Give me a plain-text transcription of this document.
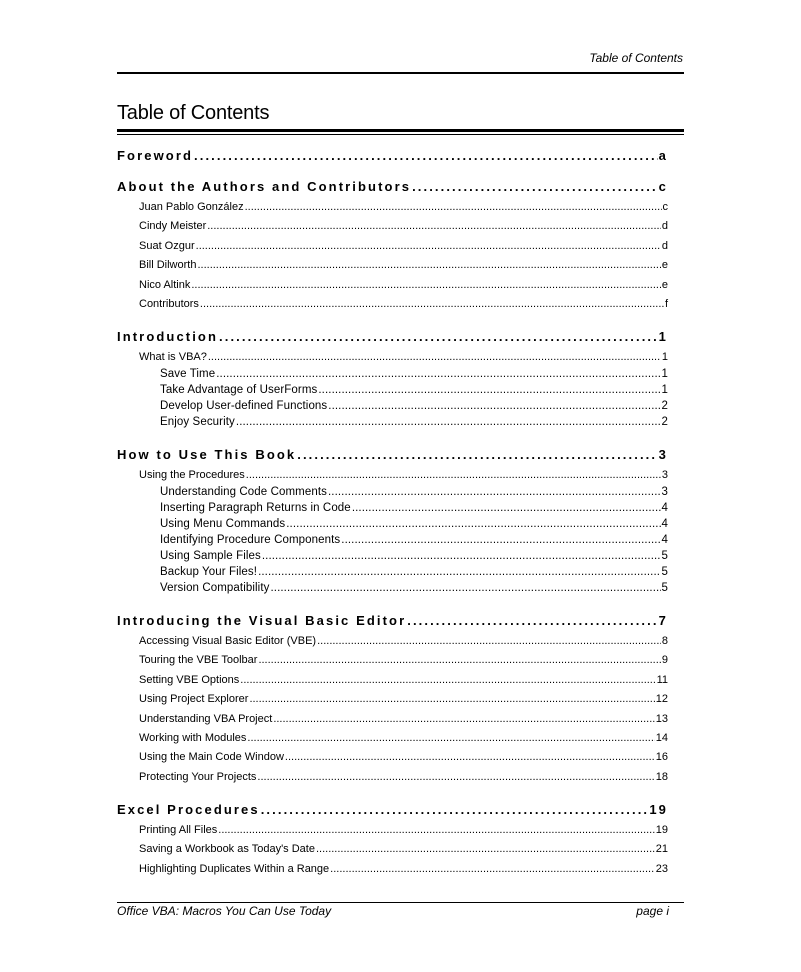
Table of Contents
Table of Contents
Foreword .....	a
About the Authors and Contributors .....	c
Juan Pablo González .....	c
Cindy Meister .....	d
Suat Ozgur .....	d
Bill Dilworth .....	e
Nico Altink .....	e
Contributors .....	f
Introduction .....	1
What is VBA? .....	1
Save Time .....	1
Take Advantage of UserForms .....	1
Develop User-defined Functions .....	2
Enjoy Security .....	2
How to Use This Book .....	3
Using the Procedures .....	3
Understanding Code Comments .....	3
Inserting Paragraph Returns in Code .....	4
Using Menu Commands .....	4
Identifying Procedure Components .....	4
Using Sample Files .....	5
Backup Your Files! .....	5
Version Compatibility .....	5
Introducing the Visual Basic Editor .....	7
Accessing Visual Basic Editor (VBE) .....	8
Touring the VBE Toolbar .....	9
Setting VBE Options .....	11
Using Project Explorer .....	12
Understanding VBA Project .....	13
Working with Modules .....	14
Using the Main Code Window .....	16
Protecting Your Projects .....	18
Excel Procedures .....	19
Printing All Files .....	19
Saving a Workbook as Today's Date .....	21
Highlighting Duplicates Within a Range .....	23
Office VBA: Macros You Can Use Today	page i
